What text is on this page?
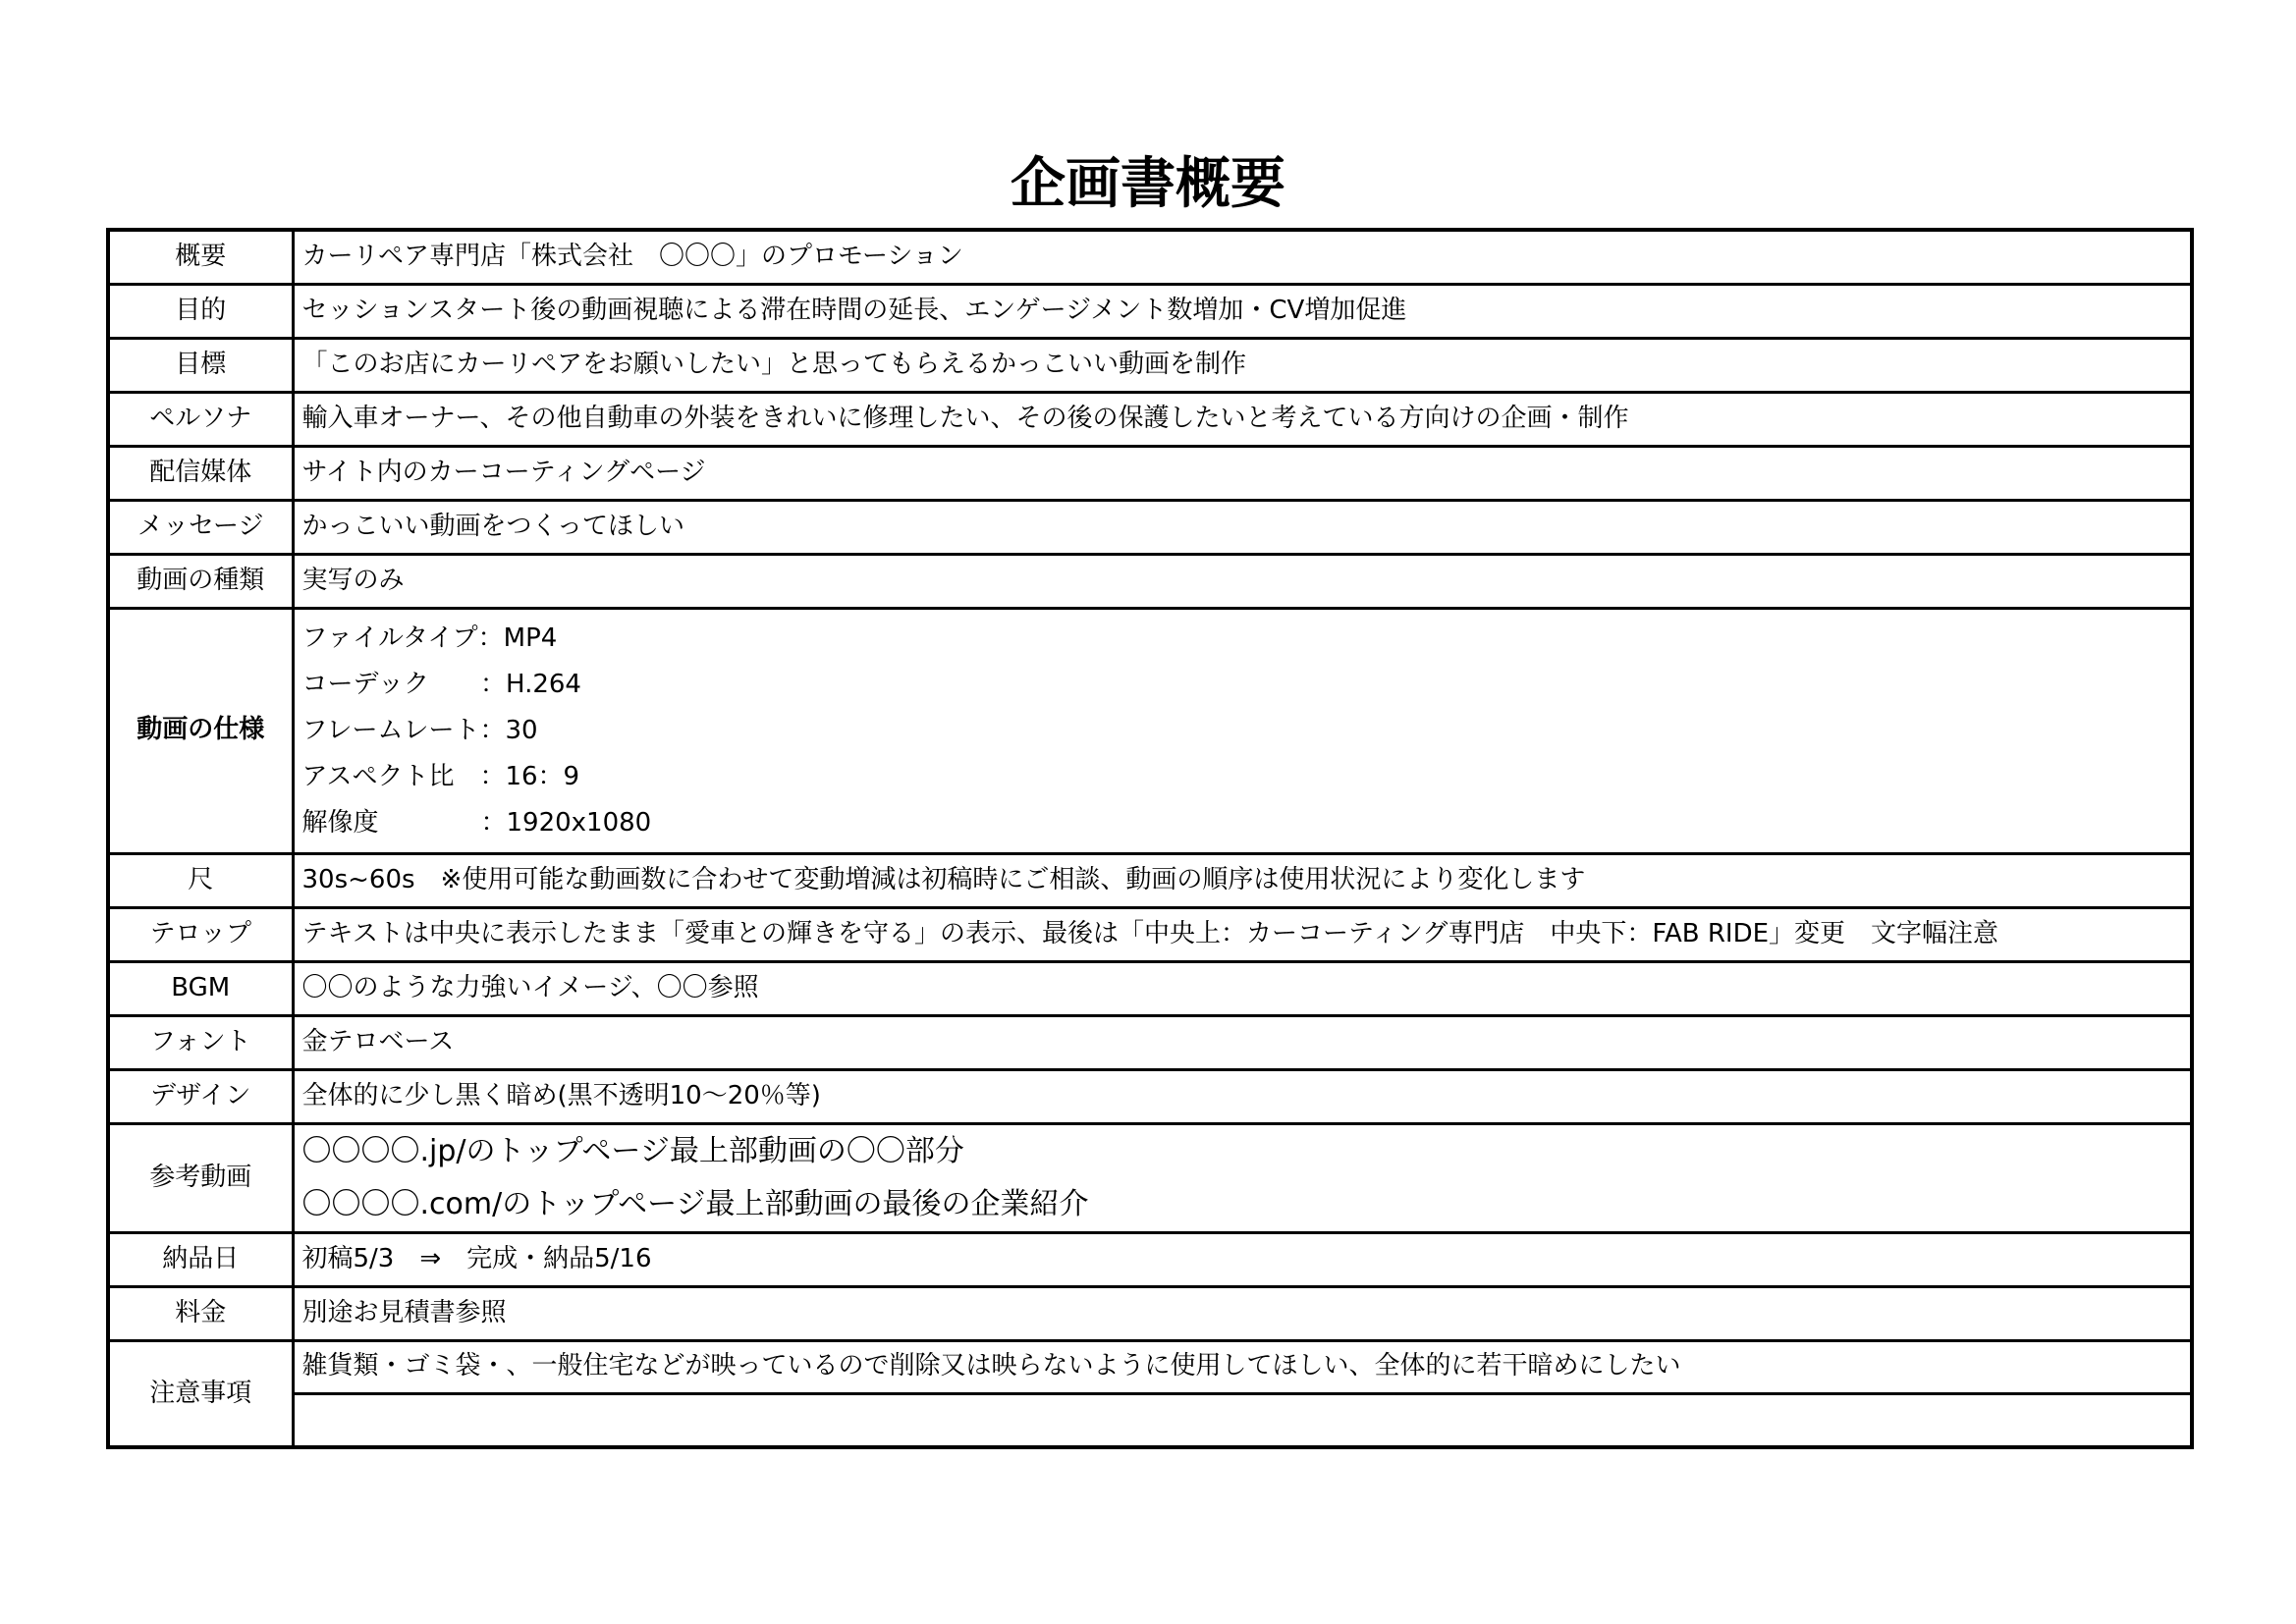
企画書概要
概要	カーリペア専門店「株式会社　〇〇〇」のプロモーション
目的	セッションスタート後の動画視聴による滞在時間の延長、エンゲージメント数増加・CV増加促進
目標	「このお店にカーリペアをお願いしたい」と思ってもらえるかっこいい動画を制作
ペルソナ	輸入車オーナー、その他自動車の外装をきれいに修理したい、その後の保護したいと考えている方向けの企画・制作
配信媒体	サイト内のカーコーティングページ
メッセージ	かっこいい動画をつくってほしい
動画の種類	実写のみ
動画の仕様	ファイルタイプ：MP4
コーデック　　：H.264
フレームレート：30
アスペクト比　：16：9
解像度　　　　：1920x1080

尺	30s~60s　※使用可能な動画数に合わせて変動増減は初稿時にご相談、動画の順序は使用状況により変化します
テロップ	テキストは中央に表示したまま「愛車との輝きを守る」の表示、最後は「中央上：カーコーティング専門店　中央下：FAB RIDE」変更　文字幅注意
BGM	〇〇のような力強いイメージ、〇〇参照
フォント	金テロベース
デザイン	全体的に少し黒く暗め(黒不透明10～20％等)
参考動画	〇〇〇〇.jp/のトップページ最上部動画の〇〇部分
〇〇〇〇.com/のトップページ最上部動画の最後の企業紹介

納品日	初稿5/3　⇒　完成・納品5/16
料金	別途お見積書参照
注意事項	雑貨類・ゴミ袋・、一般住宅などが映っているので削除又は映らないように使用してほしい、全体的に若干暗めにしたい
